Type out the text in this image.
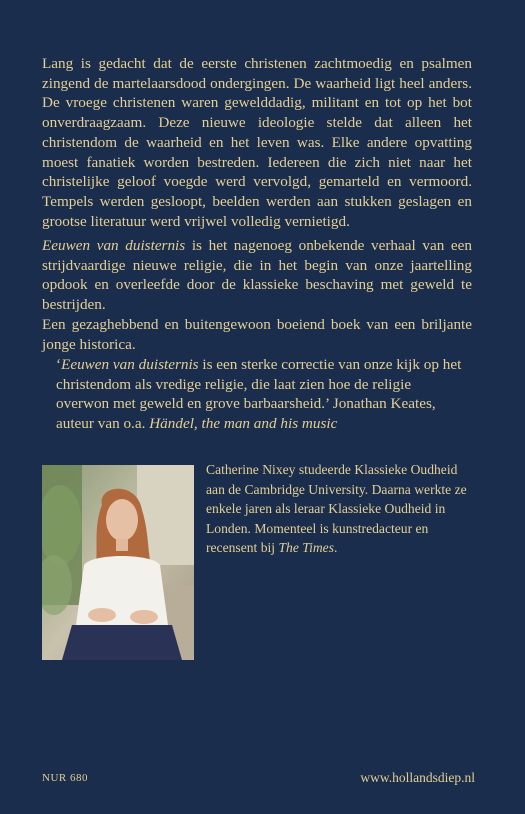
Lang is gedacht dat de eerste christenen zachtmoedig en psalmen zingend de martelaarsdood ondergingen. De waarheid ligt heel anders. De vroege christenen waren gewelddadig, militant en tot op het bot onverdraagzaam. Deze nieuwe ideologie stelde dat alleen het christendom de waarheid en het leven was. Elke andere opvatting moest fanatiek worden bestreden. Iedereen die zich niet naar het christelijke geloof voegde werd vervolgd, gemarteld en vermoord. Tempels werden gesloopt, beelden werden aan stukken geslagen en grootse literatuur werd vrijwel volledig vernietigd.

Eeuwen van duisternis is het nagenoeg onbekende verhaal van een strijdvaardige nieuwe religie, die in het begin van onze jaartelling opdook en overleefde door de klassieke beschaving met geweld te bestrijden.

Een gezaghebbend en buitengewoon boeiend boek van een briljante jonge historica.

‘Eeuwen van duisternis is een sterke correctie van onze kijk op het christendom als vredige religie, die laat zien hoe de religie overwon met geweld en grove barbaarsheid.’ Jonathan Keates, auteur van o.a. Händel, the man and his music
Catherine Nixey studeerde Klassieke Oudheid aan de Cambridge University. Daarna werkte ze enkele jaren als leraar Klassieke Oudheid in Londen. Momenteel is kunstredacteur en recensent bij The Times.
NUR 680	www.hollandsdiep.nl
